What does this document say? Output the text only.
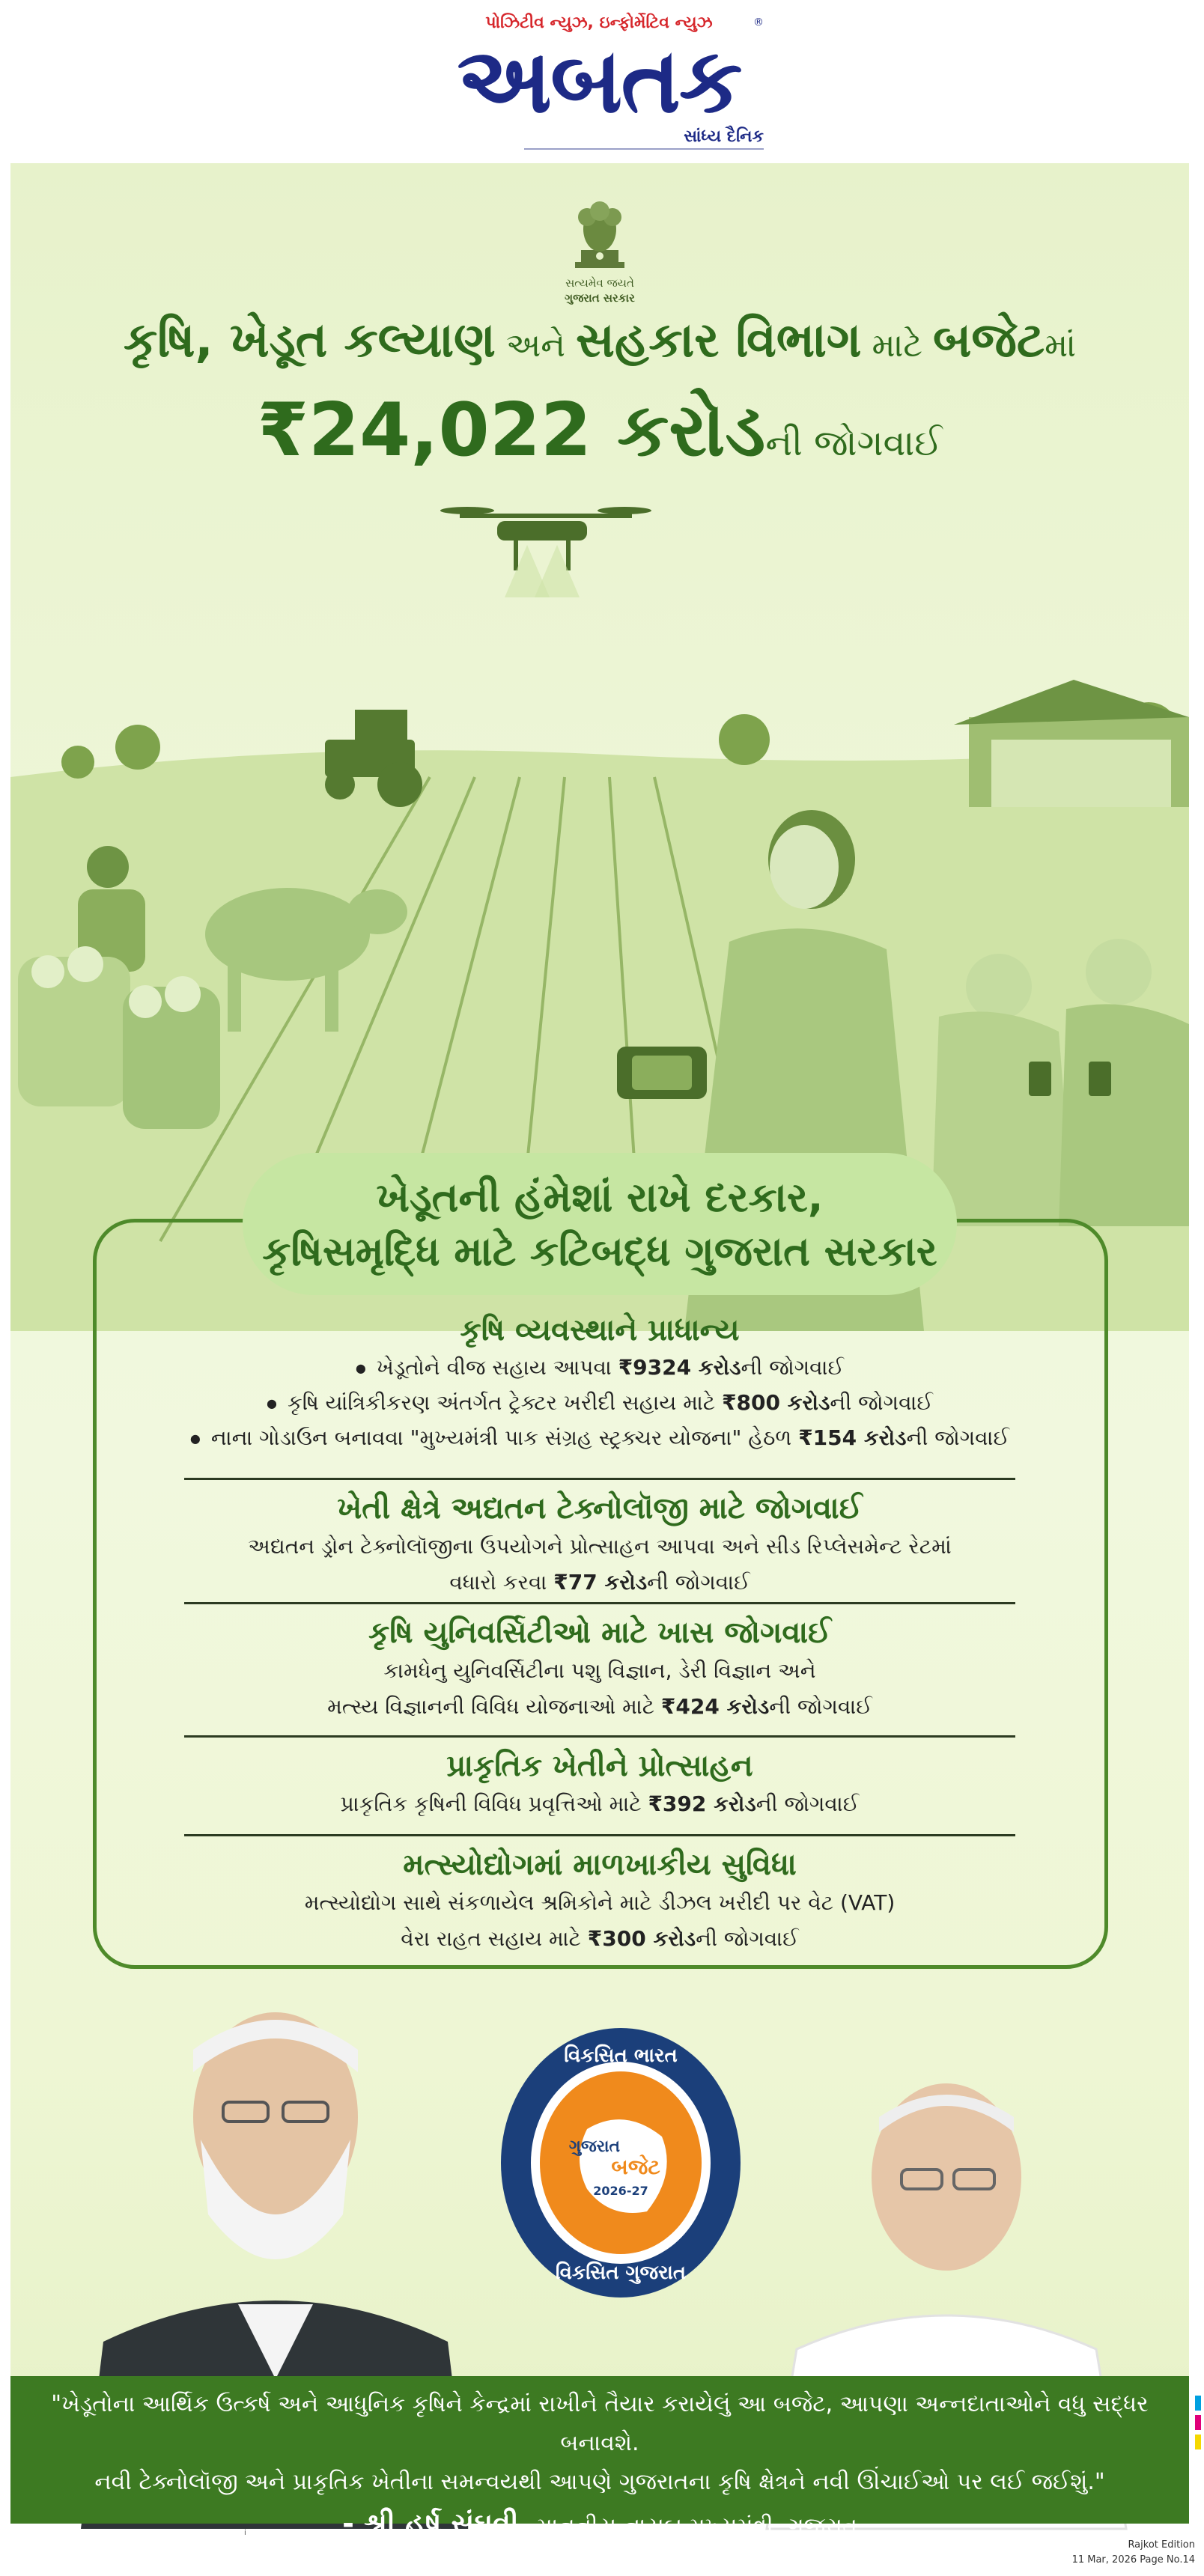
પોઝિટીવ ન્યુઝ, ઇન્ફોર્મેટિવ ન્યુઝ
અબતક
®
સાંધ્ય દૈનિક
સત્યમેવ જયતે
ગુજરાત સરકાર
કૃષિ, ખેડૂત કલ્યાણ અને સહકાર વિભાગ માટે બજેટમાં
₹24,022 કરોડની જોગવાઈ
ખેડૂતની હંમેશાં રાખે દરકાર,
કૃષિસમૃદ્ધિ માટે કટિબદ્ધ ગુજરાત સરકાર
કૃષિ વ્યવસ્થાને પ્રાધાન્ય
● ખેડૂતોને વીજ સહાય આપવા ₹9324 કરોડની જોગવાઈ
● કૃષિ યાંત્રિકીકરણ અંતર્ગત ટ્રેક્ટર ખરીદી સહાય માટે ₹800 કરોડની જોગવાઈ
● નાના ગોડાઉન બનાવવા "મુખ્યમંત્રી પાક સંગ્રહ સ્ટ્રક્ચર યોજના" હેઠળ ₹154 કરોડની જોગવાઈ
ખેતી ક્ષેત્રે અદ્યતન ટેક્નોલૉજી માટે જોગવાઈ
અદ્યતન ડ્રોન ટેક્નોલૉજીના ઉપયોગને પ્રોત્સાહન આપવા અને સીડ રિપ્લેસમેન્ટ રેટમાં
વધારો કરવા ₹77 કરોડની જોગવાઈ
કૃષિ યુનિવર્સિટીઓ માટે ખાસ જોગવાઈ
કામધેનુ યુનિવર્સિટીના પશુ વિજ્ઞાન, ડેરી વિજ્ઞાન અને
મત્સ્ય વિજ્ઞાનની વિવિધ યોજનાઓ માટે ₹424 કરોડની જોગવાઈ
પ્રાકૃતિક ખેતીને પ્રોત્સાહન
પ્રાકૃતિક કૃષિની વિવિધ પ્રવૃત્તિઓ માટે ₹392 કરોડની જોગવાઈ
મત્સ્યોદ્યોગમાં માળખાકીય સુવિધા
મત્સ્યોદ્યોગ સાથે સંકળાયેલ શ્રમિકોને માટે ડીઝલ ખરીદી પર વેટ (VAT)
વેરા રાહત સહાય માટે ₹300 કરોડની જોગવાઈ
વિકસિત ભારત
ગુજરાત
બજેટ
2026-27
વિકસિત ગુજરાત
"ખેડૂતોના આર્થિક ઉત્કર્ષ અને આધુનિક કૃષિને કેન્દ્રમાં રાખીને તૈયાર કરાયેલું આ બજેટ, આપણા અન્નદાતાઓને વધુ સદ્ધર બનાવશે.
નવી ટેક્નોલૉજી અને પ્રાકૃતિક ખેતીના સમન્વયથી આપણે ગુજરાતના કૃષિ ક્ષેત્રને નવી ઊંચાઈઓ પર લઈ જઈશું."
- શ્રી હર્ષ સંઘવી, માનનીય નાયબ મુખ્યમંત્રી, ગુજરાત
i
Rajkot Edition
11 Mar, 2026 Page No.14
